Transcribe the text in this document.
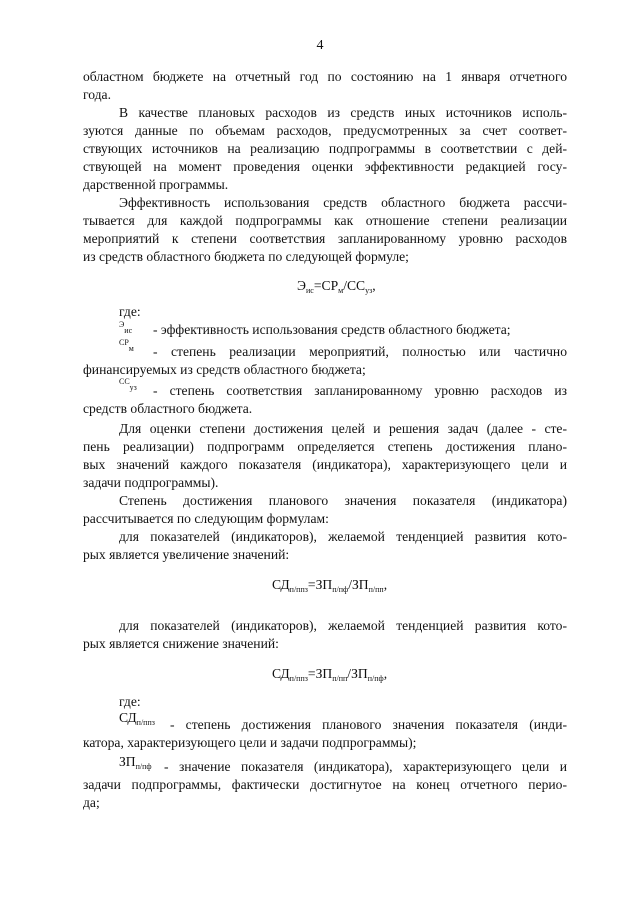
4
областном бюджете на отчетный год по состоянию на 1 января отчетного
года.
В качестве плановых расходов из средств иных источников исполь-
зуются данные по объемам расходов, предусмотренных за счет соответ-
ствующих источников на реализацию подпрограммы в соответствии с дей-
ствующей на момент проведения оценки эффективности редакцией госу-
дарственной программы.
Эффективность использования средств областного бюджета рассчи-
тывается для каждой подпрограммы как отношение степени реализации
мероприятий к степени соответствия запланированному уровню расходов
из средств областного бюджета по следующей формуле;
$Э_{ис}=СР_м/СС_{уз}$,
где:
$^Э_{ис}$ - эффективность использования средств областного бюджета;
$^{СР}_м$ - степень реализации мероприятий, полностью или частично
финансируемых из средств областного бюджета;
$^{СС}_{уз}$ - степень соответствия запланированному уровню расходов из
средств областного бюджета.
Для оценки степени достижения целей и решения задач (далее - сте-
пень реализации) подпрограмм определяется степень достижения плано-
вых значений каждого показателя (индикатора), характеризующего цели и
задачи подпрограммы).
Степень достижения планового значения показателя (индикатора)
рассчитывается по следующим формулам:
для показателей (индикаторов), желаемой тенденцией развития кото-
рых является увеличение значений:
$СД_{п/ппз}=ЗП_{п/пф}/ЗП_{п/пп}$,
для показателей (индикаторов), желаемой тенденцией развития кото-
рых является снижение значений:
$СД_{п/ппз}=ЗП_{п/пп}/ЗП_{п/пф}$,
где:
$СД_{п/ппз}$ - степень достижения планового значения показателя (инди-
катора, характеризующего цели и задачи подпрограммы);
$ЗП_{п/пф}$ - значение показателя (индикатора), характеризующего цели и
задачи подпрограммы, фактически достигнутое на конец отчетного перио-
да;
